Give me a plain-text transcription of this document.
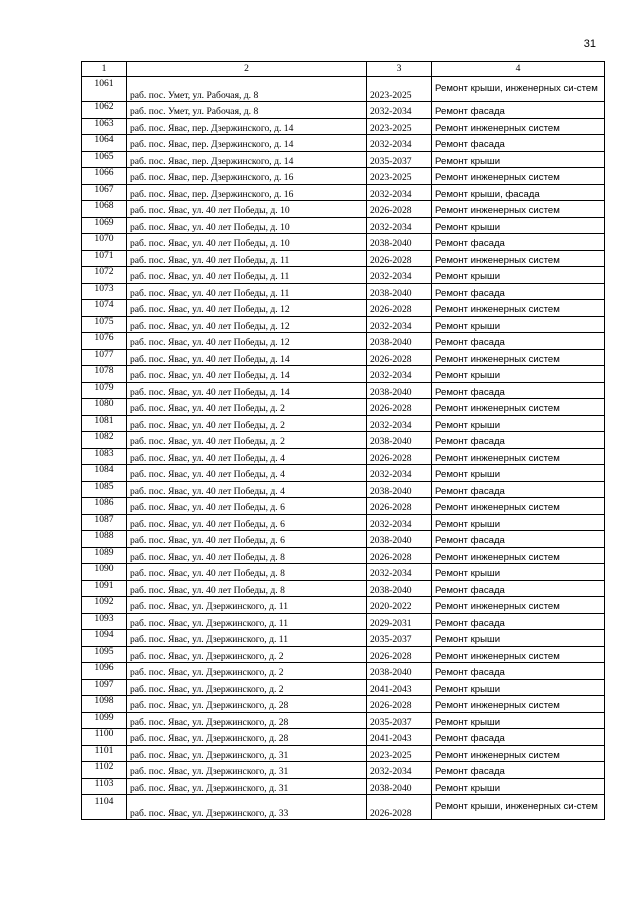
31
1	2	3	4
1061	раб. пос. Умет, ул. Рабочая, д. 8	2023-2025	Ремонт крыши, инженерных си-стем
1062	раб. пос. Умет, ул. Рабочая, д. 8	2032-2034	Ремонт фасада
1063	раб. пос. Явас, пер. Дзержинского, д. 14	2023-2025	Ремонт инженерных систем
1064	раб. пос. Явас, пер. Дзержинского, д. 14	2032-2034	Ремонт фасада
1065	раб. пос. Явас, пер. Дзержинского, д. 14	2035-2037	Ремонт крыши
1066	раб. пос. Явас, пер. Дзержинского, д. 16	2023-2025	Ремонт инженерных систем
1067	раб. пос. Явас, пер. Дзержинского, д. 16	2032-2034	Ремонт крыши, фасада
1068	раб. пос. Явас, ул. 40 лет Победы, д. 10	2026-2028	Ремонт инженерных систем
1069	раб. пос. Явас, ул. 40 лет Победы, д. 10	2032-2034	Ремонт крыши
1070	раб. пос. Явас, ул. 40 лет Победы, д. 10	2038-2040	Ремонт фасада
1071	раб. пос. Явас, ул. 40 лет Победы, д. 11	2026-2028	Ремонт инженерных систем
1072	раб. пос. Явас, ул. 40 лет Победы, д. 11	2032-2034	Ремонт крыши
1073	раб. пос. Явас, ул. 40 лет Победы, д. 11	2038-2040	Ремонт фасада
1074	раб. пос. Явас, ул. 40 лет Победы, д. 12	2026-2028	Ремонт инженерных систем
1075	раб. пос. Явас, ул. 40 лет Победы, д. 12	2032-2034	Ремонт крыши
1076	раб. пос. Явас, ул. 40 лет Победы, д. 12	2038-2040	Ремонт фасада
1077	раб. пос. Явас, ул. 40 лет Победы, д. 14	2026-2028	Ремонт инженерных систем
1078	раб. пос. Явас, ул. 40 лет Победы, д. 14	2032-2034	Ремонт крыши
1079	раб. пос. Явас, ул. 40 лет Победы, д. 14	2038-2040	Ремонт фасада
1080	раб. пос. Явас, ул. 40 лет Победы, д. 2	2026-2028	Ремонт инженерных систем
1081	раб. пос. Явас, ул. 40 лет Победы, д. 2	2032-2034	Ремонт крыши
1082	раб. пос. Явас, ул. 40 лет Победы, д. 2	2038-2040	Ремонт фасада
1083	раб. пос. Явас, ул. 40 лет Победы, д. 4	2026-2028	Ремонт инженерных систем
1084	раб. пос. Явас, ул. 40 лет Победы, д. 4	2032-2034	Ремонт крыши
1085	раб. пос. Явас, ул. 40 лет Победы, д. 4	2038-2040	Ремонт фасада
1086	раб. пос. Явас, ул. 40 лет Победы, д. 6	2026-2028	Ремонт инженерных систем
1087	раб. пос. Явас, ул. 40 лет Победы, д. 6	2032-2034	Ремонт крыши
1088	раб. пос. Явас, ул. 40 лет Победы, д. 6	2038-2040	Ремонт фасада
1089	раб. пос. Явас, ул. 40 лет Победы, д. 8	2026-2028	Ремонт инженерных систем
1090	раб. пос. Явас, ул. 40 лет Победы, д. 8	2032-2034	Ремонт крыши
1091	раб. пос. Явас, ул. 40 лет Победы, д. 8	2038-2040	Ремонт фасада
1092	раб. пос. Явас, ул. Дзержинского, д. 11	2020-2022	Ремонт инженерных систем
1093	раб. пос. Явас, ул. Дзержинского, д. 11	2029-2031	Ремонт фасада
1094	раб. пос. Явас, ул. Дзержинского, д. 11	2035-2037	Ремонт крыши
1095	раб. пос. Явас, ул. Дзержинского, д. 2	2026-2028	Ремонт инженерных систем
1096	раб. пос. Явас, ул. Дзержинского, д. 2	2038-2040	Ремонт фасада
1097	раб. пос. Явас, ул. Дзержинского, д. 2	2041-2043	Ремонт крыши
1098	раб. пос. Явас, ул. Дзержинского, д. 28	2026-2028	Ремонт инженерных систем
1099	раб. пос. Явас, ул. Дзержинского, д. 28	2035-2037	Ремонт крыши
1100	раб. пос. Явас, ул. Дзержинского, д. 28	2041-2043	Ремонт фасада
1101	раб. пос. Явас, ул. Дзержинского, д. 31	2023-2025	Ремонт инженерных систем
1102	раб. пос. Явас, ул. Дзержинского, д. 31	2032-2034	Ремонт фасада
1103	раб. пос. Явас, ул. Дзержинского, д. 31	2038-2040	Ремонт крыши
1104	раб. пос. Явас, ул. Дзержинского, д. 33	2026-2028	Ремонт крыши, инженерных си-стем
